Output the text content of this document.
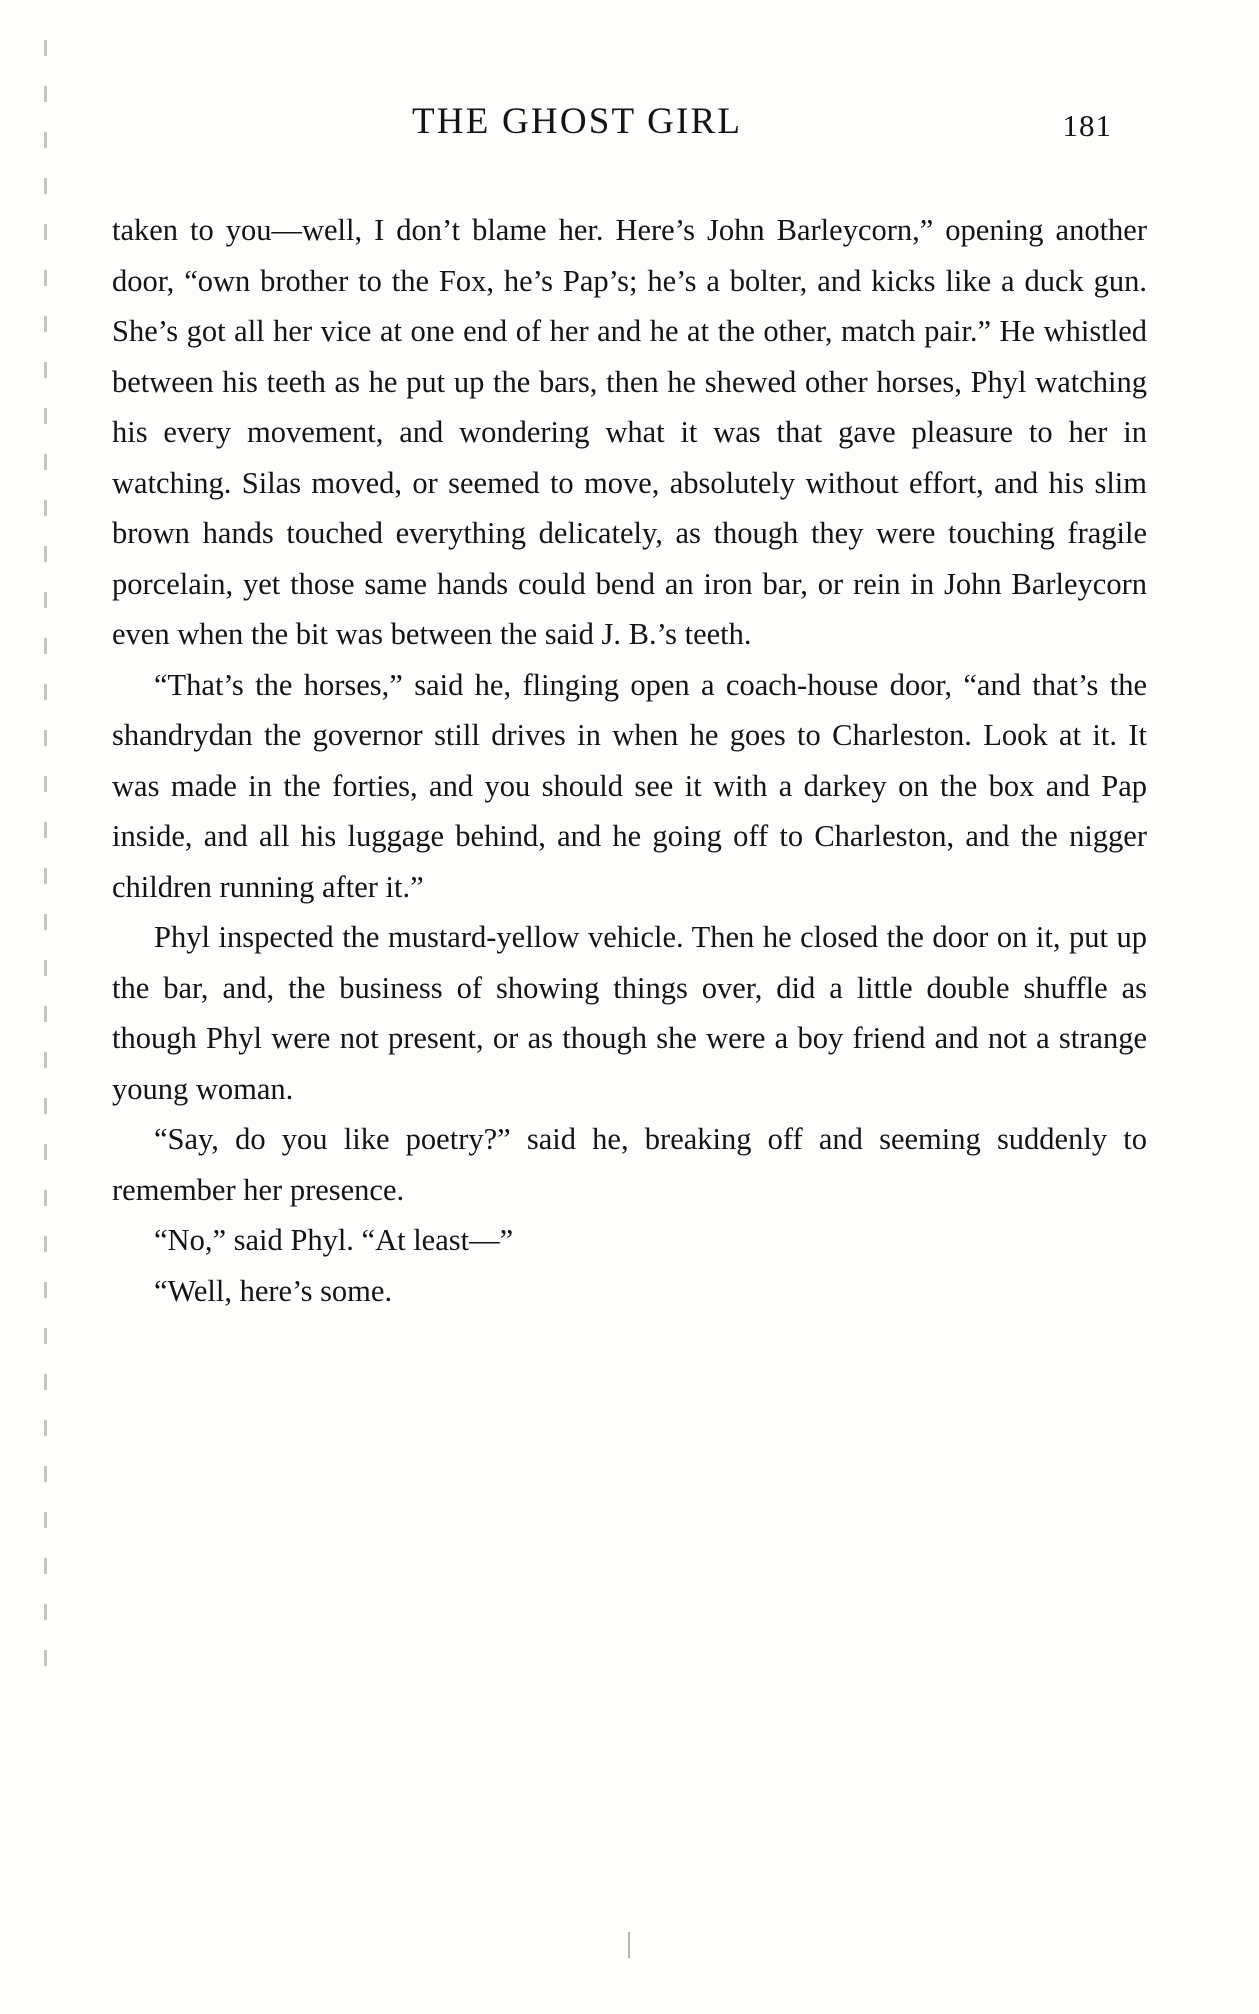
THE GHOST GIRL	181

taken to you—well, I don’t blame her. Here’s John Barleycorn,” opening another door, “own brother to the Fox, he’s Pap’s; he’s a bolter, and kicks like a duck gun. She’s got all her vice at one end of her and he at the other, match pair.” He whistled between his teeth as he put up the bars, then he shewed other horses, Phyl watching his every movement, and wondering what it was that gave pleasure to her in watching. Silas moved, or seemed to move, absolutely without effort, and his slim brown hands touched everything delicately, as though they were touching fragile porcelain, yet those same hands could bend an iron bar, or rein in John Barleycorn even when the bit was between the said J. B.’s teeth.

“That’s the horses,” said he, flinging open a coach-house door, “and that’s the shandrydan the governor still drives in when he goes to Charleston. Look at it. It was made in the forties, and you should see it with a darkey on the box and Pap inside, and all his luggage behind, and he going off to Charleston, and the nigger children running after it.”

Phyl inspected the mustard-yellow vehicle. Then he closed the door on it, put up the bar, and, the business of showing things over, did a little double shuffle as though Phyl were not present, or as though she were a boy friend and not a strange young woman.

“Say, do you like poetry?” said he, breaking off and seeming suddenly to remember her presence.

“No,” said Phyl. “At least—”

“Well, here’s some.
